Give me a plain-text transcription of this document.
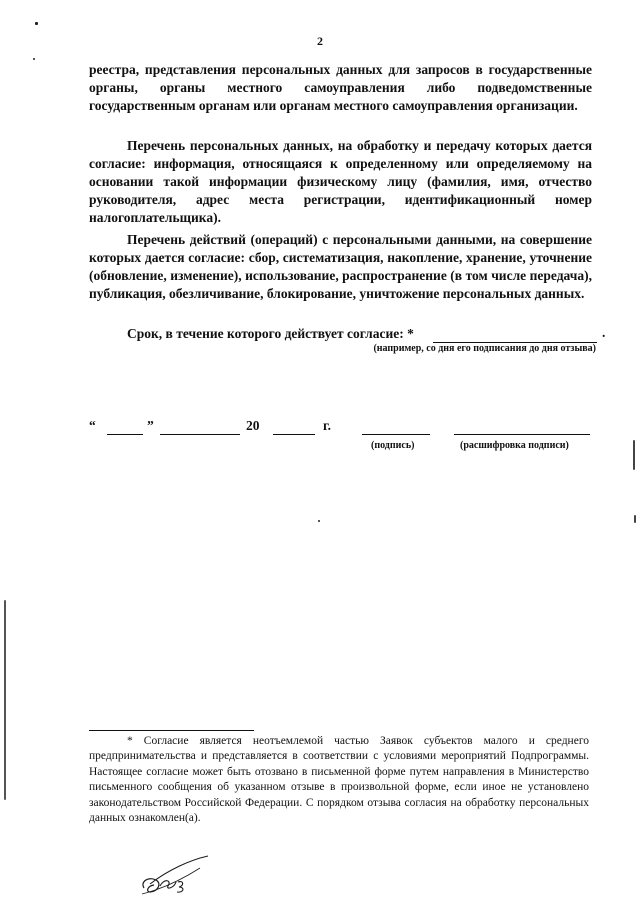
2

реестра, представления персональных данных для запросов в государственные органы, органы местного самоуправления либо подведомственные государственным органам или органам местного самоуправления организации.

Перечень персональных данных, на обработку и передачу которых дается согласие: информация, относящаяся к определенному или определяемому на основании такой информации физическому лицу (фамилия, имя, отчество руководителя, адрес места регистрации, идентификационный номер налогоплательщика).

Перечень действий (операций) с персональными данными, на совершение которых дается согласие: сбор, систематизация, накопление, хранение, уточнение (обновление, изменение), использование, распространение (в том числе передача), публикация, обезличивание, блокирование, уничтожение персональных данных.

Срок, в течение которого действует согласие: *	.
(например, со дня его подписания до дня отзыва)
“	”	20	г.
(подпись)	(расшифровка подписи)
* Согласие является неотъемлемой частью Заявок субъектов малого и среднего предпринимательства и представляется в соответствии с условиями мероприятий Подпрограммы. Настоящее согласие может быть отозвано в письменной форме путем направления в Министерство письменного сообщения об указанном отзыве в произвольной форме, если иное не установлено законодательством Российской Федерации. С порядком отзыва согласия на обработку персональных данных ознакомлен(а).
